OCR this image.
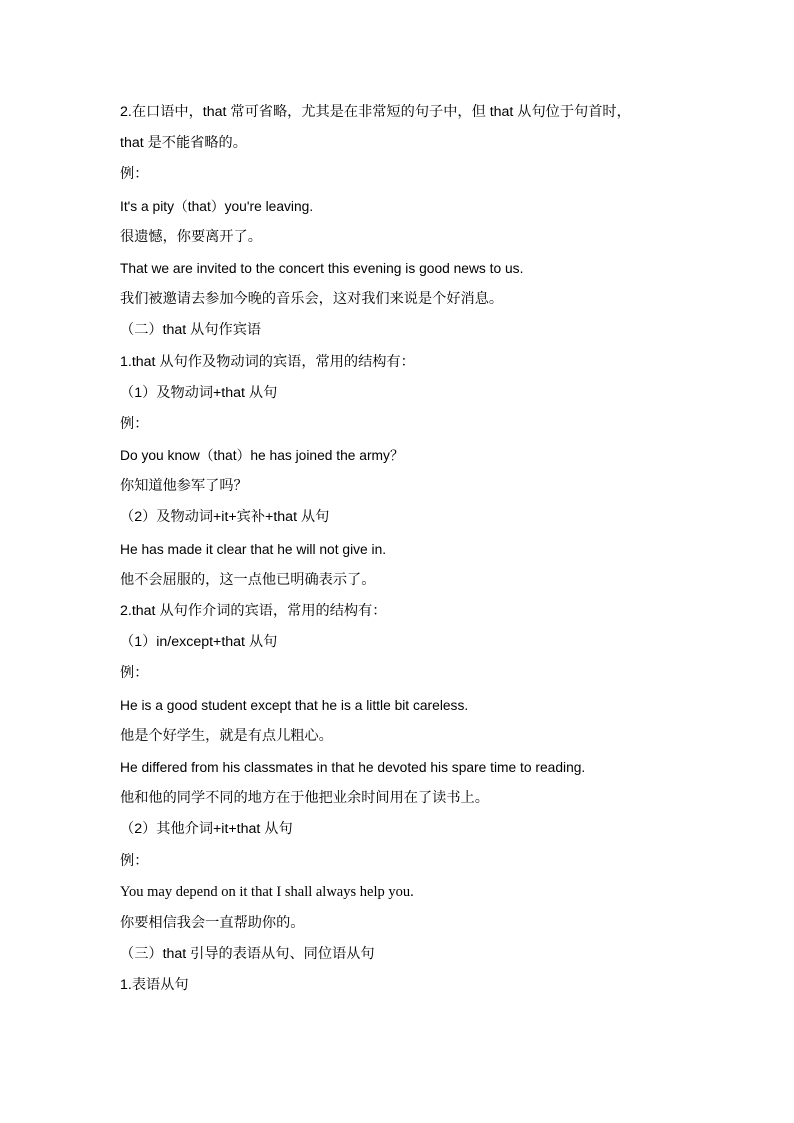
2.在口语中，that 常可省略，尤其是在非常短的句子中，但 that 从句位于句首时，
that 是不能省略的。
例：
It's a pity（that）you're leaving.
很遗憾，你要离开了。
That we are invited to the concert this evening is good news to us.
我们被邀请去参加今晚的音乐会，这对我们来说是个好消息。
（二）that 从句作宾语
1.that 从句作及物动词的宾语，常用的结构有：
（1）及物动词+that 从句
例：
Do you know（that）he has joined the army？
你知道他参军了吗？
（2）及物动词+it+宾补+that 从句
He has made it clear that he will not give in.
他不会屈服的，这一点他已明确表示了。
2.that 从句作介词的宾语，常用的结构有：
（1）in/except+that 从句
例：
He is a good student except that he is a little bit careless.
他是个好学生，就是有点儿粗心。
He differed from his classmates in that he devoted his spare time to reading.
他和他的同学不同的地方在于他把业余时间用在了读书上。
（2）其他介词+it+that 从句
例：
You may depend on it that I shall always help you.
你要相信我会一直帮助你的。
（三）that 引导的表语从句、同位语从句
1.表语从句
